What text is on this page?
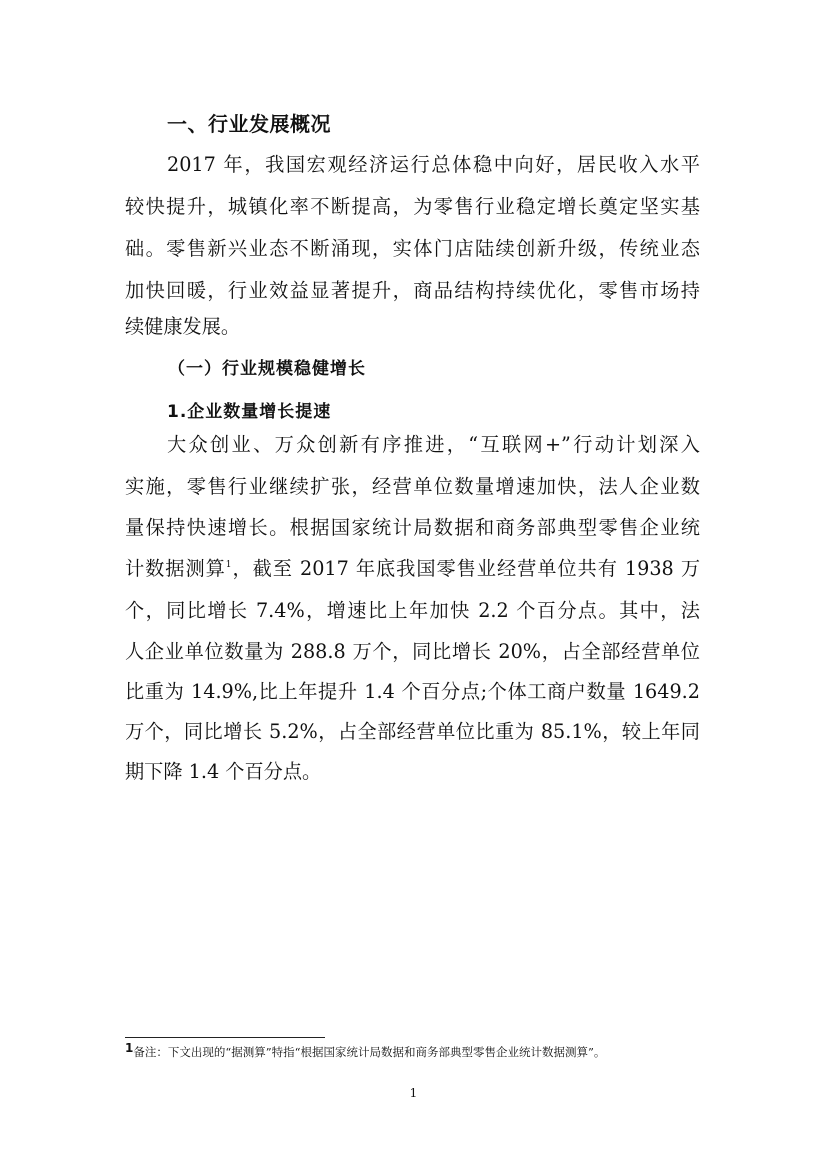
一、行业发展概况
2017 年，我国宏观经济运行总体稳中向好，居民收入水平
较快提升，城镇化率不断提高，为零售行业稳定增长奠定坚实基
础。零售新兴业态不断涌现，实体门店陆续创新升级，传统业态
加快回暖，行业效益显著提升，商品结构持续优化，零售市场持
续健康发展。
（一）行业规模稳健增长
1.企业数量增长提速
大众创业、万众创新有序推进，“互联网+”行动计划深入
实施，零售行业继续扩张，经营单位数量增速加快，法人企业数
量保持快速增长。根据国家统计局数据和商务部典型零售企业统
计数据测算$^1$，截至 2017 年底我国零售业经营单位共有 1938 万
个，同比增长 7.4%，增速比上年加快 2.2 个百分点。其中，法
人企业单位数量为 288.8 万个，同比增长 20%，占全部经营单位
比重为 14.9%,比上年提升 1.4 个百分点;个体工商户数量 1649.2
万个，同比增长 5.2%，占全部经营单位比重为 85.1%，较上年同
期下降 1.4 个百分点。
1备注：下文出现的“据测算”特指“根据国家统计局数据和商务部典型零售企业统计数据测算”。
1
